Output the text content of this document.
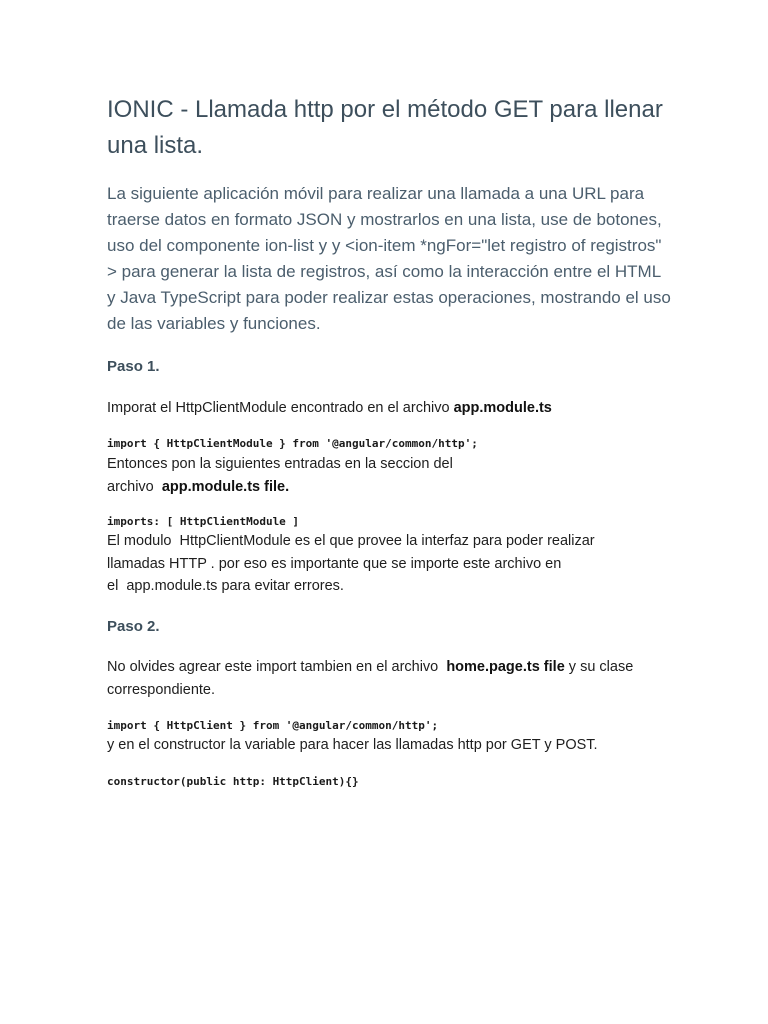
IONIC - Llamada http por el método GET para llenar una lista.

La siguiente aplicación móvil para realizar una llamada a una URL para traerse datos en formato JSON y mostrarlos en una lista, use de botones, uso del componente ion-list y y <ion-item *ngFor="let registro of registros" > para generar la lista de registros, así como la interacción entre el HTML y Java TypeScript para poder realizar estas operaciones, mostrando el uso de las variables y funciones.

Paso 1.

Imporat el HttpClientModule encontrado en el archivo app.module.ts

import { HttpClientModule } from '@angular/common/http';

Entonces pon la siguientes entradas en la seccion del
archivo  app.module.ts file.

imports: [ HttpClientModule ]

El modulo  HttpClientModule es el que provee la interfaz para poder realizar
llamadas HTTP . por eso es importante que se importe este archivo en
el  app.module.ts para evitar errores.

Paso 2.

No olvides agrear este import tambien en el archivo  home.page.ts file y su clase correspondiente.

import { HttpClient } from '@angular/common/http';

y en el constructor la variable para hacer las llamadas http por GET y POST.

constructor(public http: HttpClient){}
